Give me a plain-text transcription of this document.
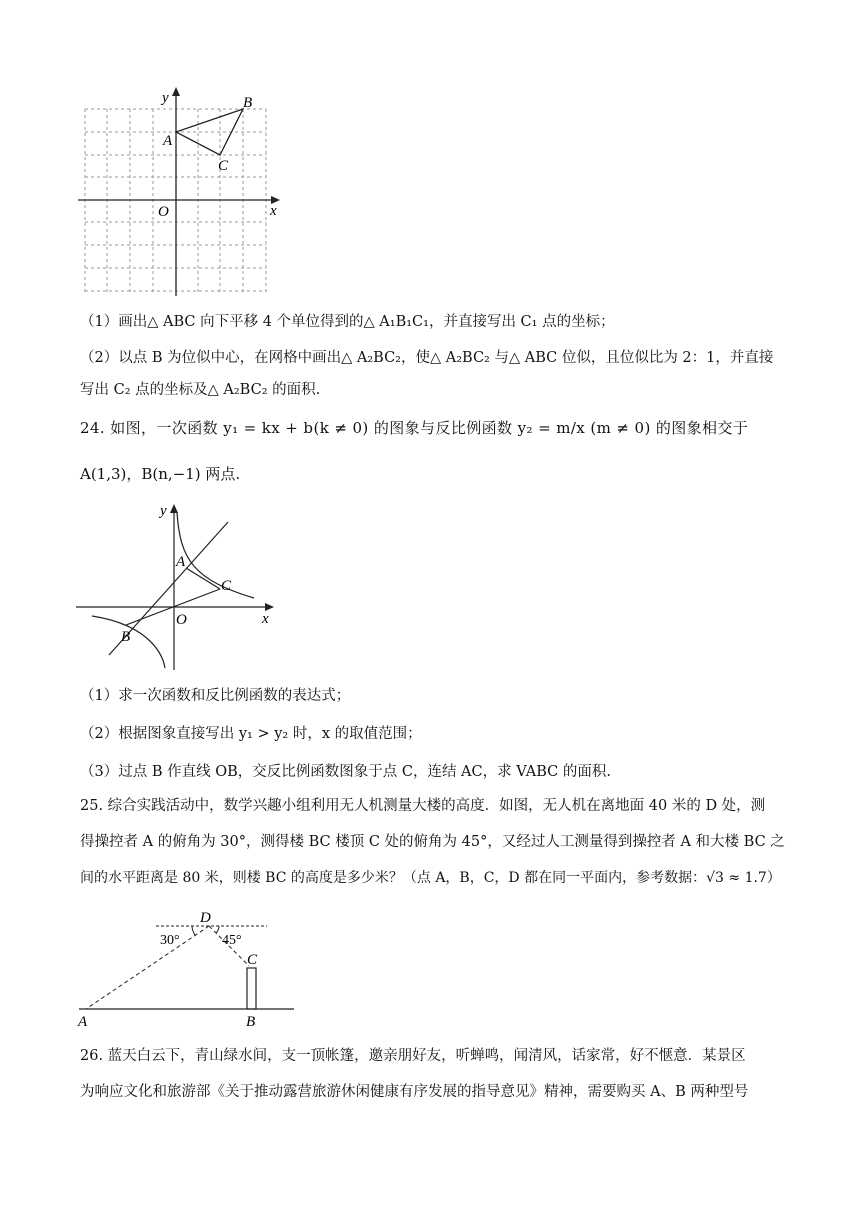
y
x
O
A
B
C
（1）画出△ ABC 向下平移 4 个单位得到的△ A₁B₁C₁，并直接写出 C₁ 点的坐标；
（2）以点 B 为位似中心，在网格中画出△ A₂BC₂，使△ A₂BC₂ 与△ ABC 位似，且位似比为 2：1，并直接
写出 C₂ 点的坐标及△ A₂BC₂ 的面积.
24. 如图，一次函数 y₁ = kx + b(k ≠ 0) 的图象与反比例函数 y₂ = m/x (m ≠ 0) 的图象相交于
A(1,3)，B(n,−1) 两点.
y
x
O
A
B
C
（1）求一次函数和反比例函数的表达式；
（2）根据图象直接写出 y₁ > y₂ 时，x 的取值范围；
（3）过点 B 作直线 OB，交反比例函数图象于点 C，连结 AC，求 VABC 的面积.
25. 综合实践活动中，数学兴趣小组利用无人机测量大楼的高度．如图，无人机在离地面 40 米的 D 处，测
得操控者 A 的俯角为 30°，测得楼 BC 楼顶 C 处的俯角为 45°，又经过人工测量得到操控者 A 和大楼 BC 之
间的水平距离是 80 米，则楼 BC 的高度是多少米？（点 A，B，C，D 都在同一平面内，参考数据：√3 ≈ 1.7）
D
30°	45°
C
A	B
26. 蓝天白云下，青山绿水间，支一顶帐篷，邀亲朋好友，听蝉鸣，闻清风，话家常，好不惬意．某景区
为响应文化和旅游部《关于推动露营旅游休闲健康有序发展的指导意见》精神，需要购买 A、B 两种型号
